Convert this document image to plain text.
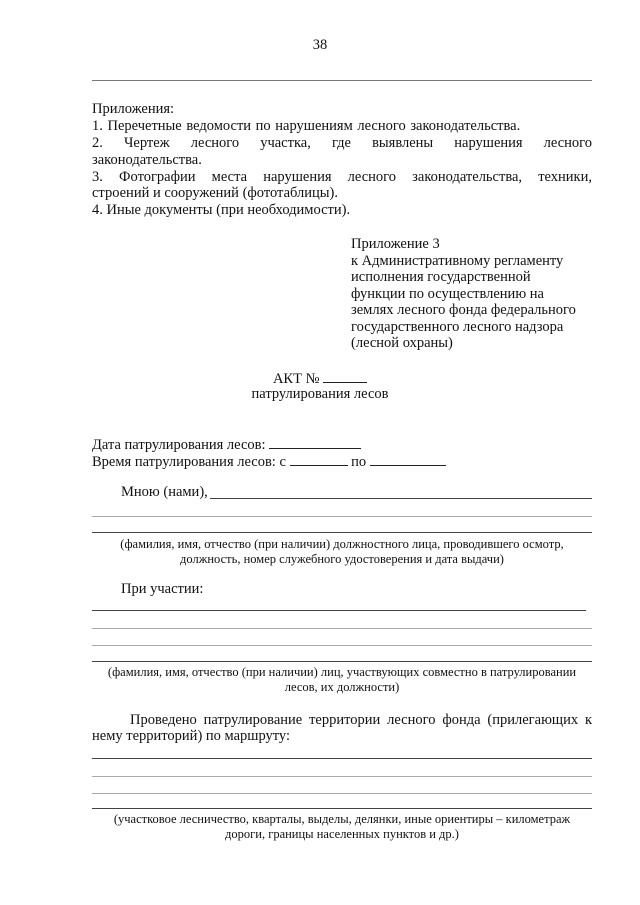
38
Приложения:
1. Перечетные ведомости по нарушениям лесного законодательства.
2. Чертеж лесного участка, где выявлены нарушения лесного
законодательства.
3. Фотографии места нарушения лесного законодательства, техники,
строений и сооружений (фототаблицы).
4. Иные документы (при необходимости).
Приложение 3
к Административному регламенту
исполнения государственной
функции по осуществлению на
землях лесного фонда федерального
государственного лесного надзора
(лесной охраны)
АКТ №
патрулирования лесов
Дата патрулирования лесов:
Время патрулирования лесов: с	по
Мною (нами),
(фамилия, имя, отчество (при наличии) должностного лица, проводившего осмотр,
должность, номер служебного удостоверения и дата выдачи)
При участии:
(фамилия, имя, отчество (при наличии) лиц, участвующих совместно в патрулировании
лесов, их должности)
Проведено патрулирование территории лесного фонда (прилегающих к
нему территорий) по маршруту:
(участковое лесничество, кварталы, выделы, делянки, иные ориентиры – километраж
дороги, границы населенных пунктов и др.)
